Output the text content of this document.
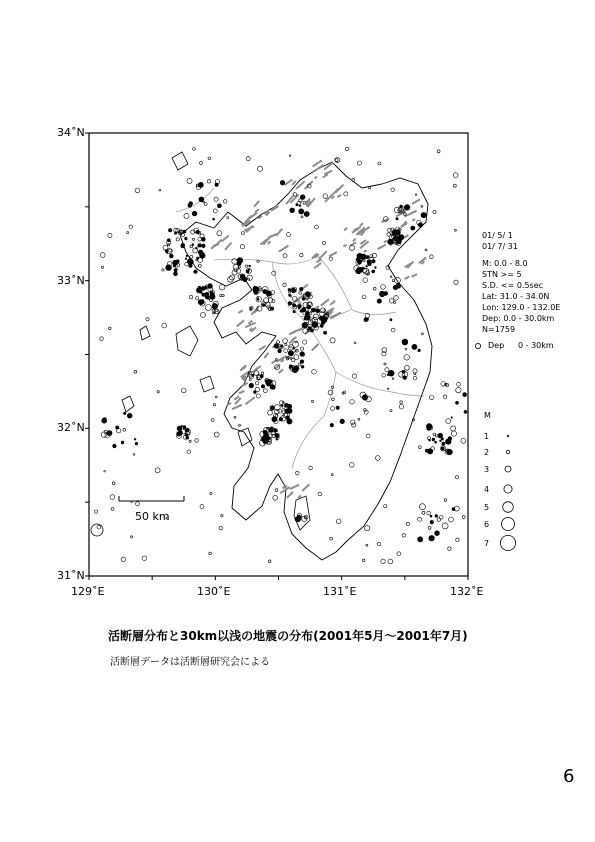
34˚N
33˚N
32˚N
31˚N
129˚E	130˚E	131˚E	132˚E
50 km
01/ 5/ 1
01/ 7/ 31
M: 0.0 - 8.0
STN >= 5
S.D. <= 0.5sec
Lat: 31.0 - 34.0N
Lon: 129.0 - 132.0E
Dep: 0.0 - 30.0km
N=1759
Dep 0 - 30km
M
1
2
3
4
5
6
7
活断層分布と30km以浅の地震の分布(2001年5月～2001年7月)
活断層データは活断層研究会による
6
